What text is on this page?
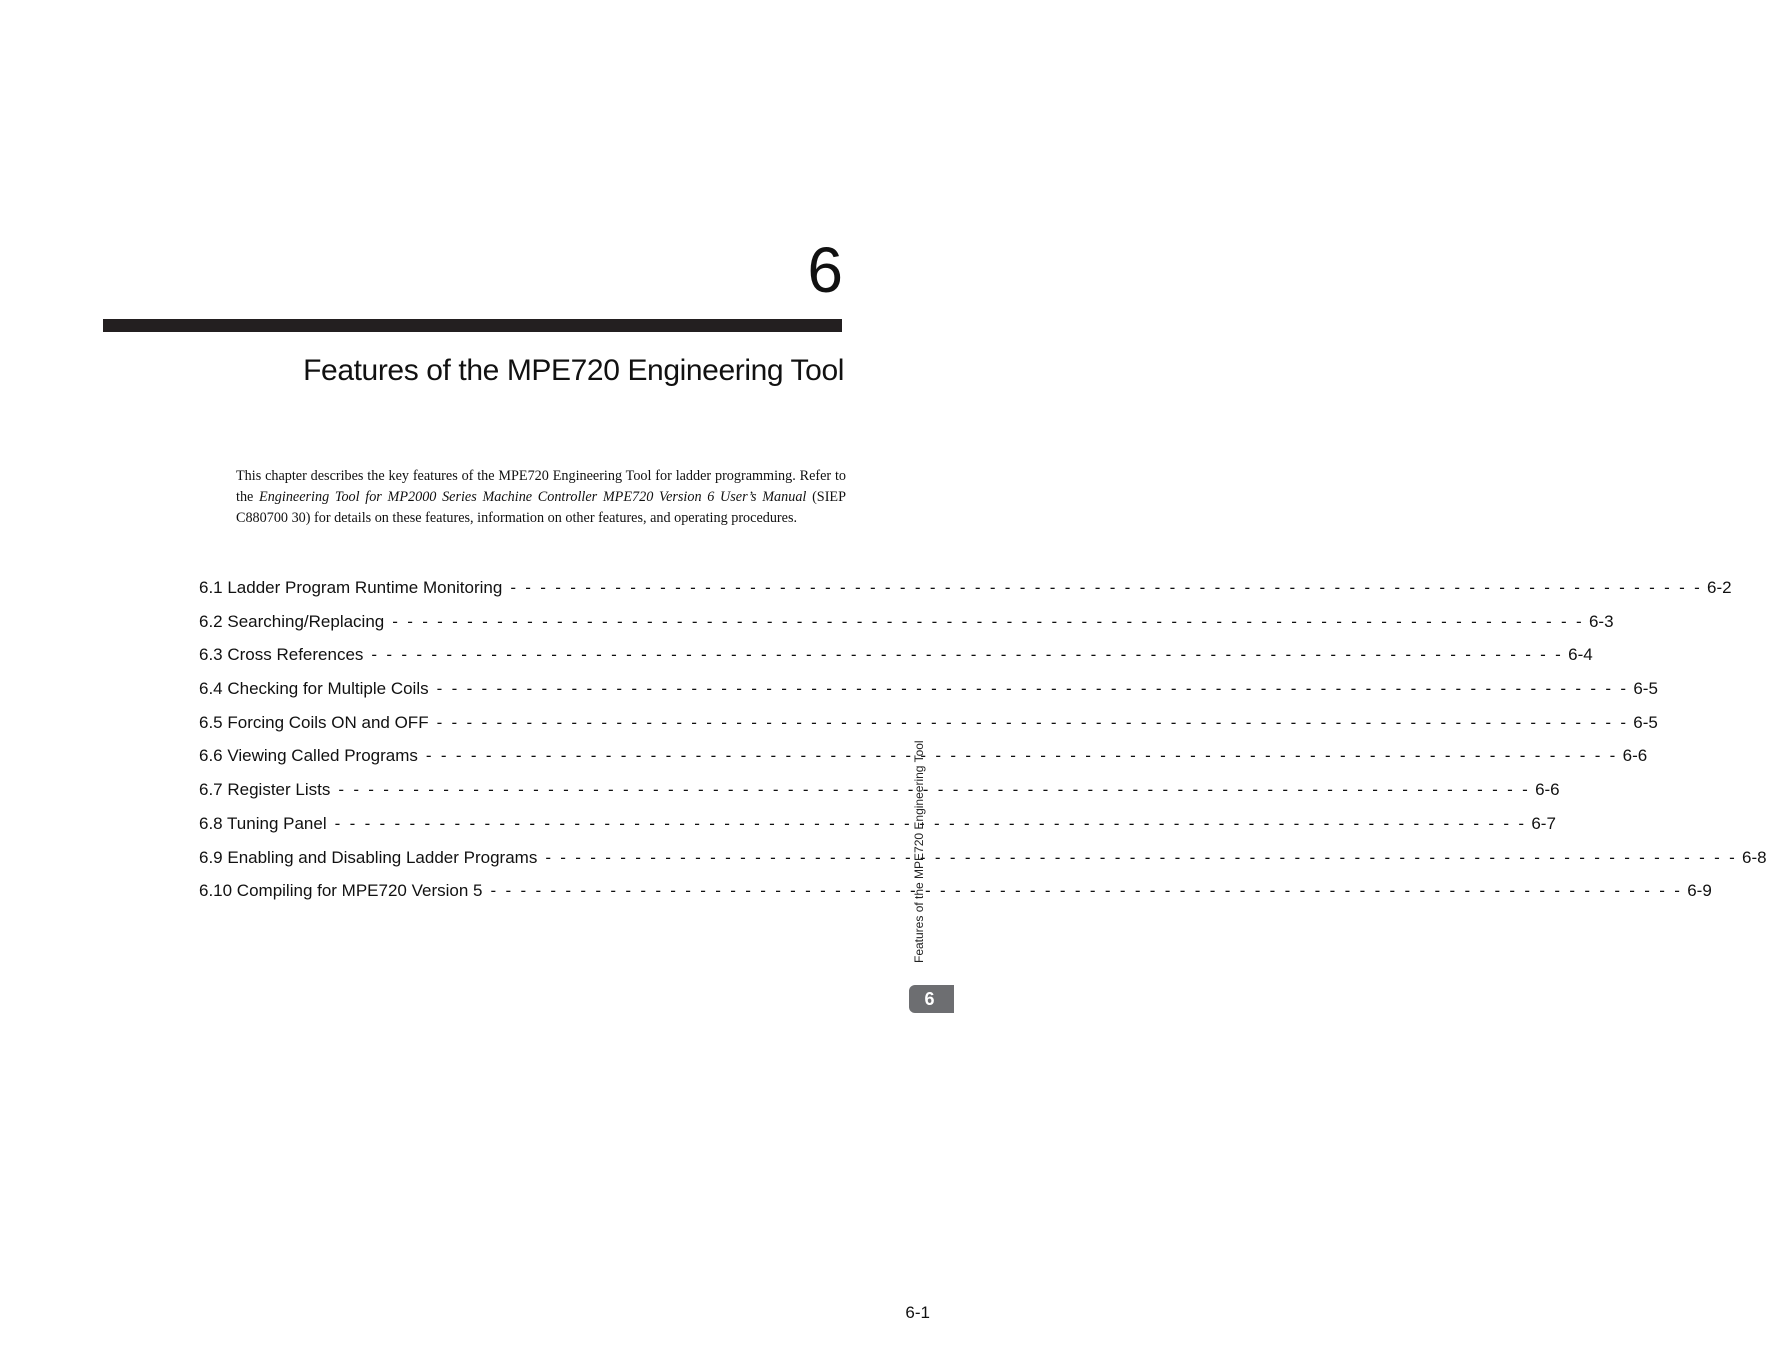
6
Features of the MPE720 Engineering Tool

This chapter describes the key features of the MPE720 Engineering Tool for ladder programming. Refer to the Engineering Tool for MP2000 Series Machine Controller MPE720 Version 6 User’s Manual (SIEP C880700 30) for details on these features, information on other features, and operating procedures.

6.1 Ladder Program Runtime Monitoring - - - - - - - - - - - - - - - - - - - - - - - - - - - - - - - - - - - - - - - - - - - - - - - - - - - - - - - - - - - - - - - - - - - - - - - - - - - - - - - - 6-2
6.2 Searching/Replacing - - - - - - - - - - - - - - - - - - - - - - - - - - - - - - - - - - - - - - - - - - - - - - - - - - - - - - - - - - - - - - - - - - - - - - - - - - - - - - - - 6-3
6.3 Cross References - - - - - - - - - - - - - - - - - - - - - - - - - - - - - - - - - - - - - - - - - - - - - - - - - - - - - - - - - - - - - - - - - - - - - - - - - - - - - - - - 6-4
6.4 Checking for Multiple Coils - - - - - - - - - - - - - - - - - - - - - - - - - - - - - - - - - - - - - - - - - - - - - - - - - - - - - - - - - - - - - - - - - - - - - - - - - - - - - - - - 6-5
6.5 Forcing Coils ON and OFF - - - - - - - - - - - - - - - - - - - - - - - - - - - - - - - - - - - - - - - - - - - - - - - - - - - - - - - - - - - - - - - - - - - - - - - - - - - - - - - - 6-5
6.6 Viewing Called Programs - - - - - - - - - - - - - - - - - - - - - - - - - - - - - - - - - - - - - - - - - - - - - - - - - - - - - - - - - - - - - - - - - - - - - - - - - - - - - - - - 6-6
6.7 Register Lists - - - - - - - - - - - - - - - - - - - - - - - - - - - - - - - - - - - - - - - - - - - - - - - - - - - - - - - - - - - - - - - - - - - - - - - - - - - - - - - - 6-6
6.8 Tuning Panel - - - - - - - - - - - - - - - - - - - - - - - - - - - - - - - - - - - - - - - - - - - - - - - - - - - - - - - - - - - - - - - - - - - - - - - - - - - - - - - - 6-7
6.9 Enabling and Disabling Ladder Programs - - - - - - - - - - - - - - - - - - - - - - - - - - - - - - - - - - - - - - - - - - - - - - - - - - - - - - - - - - - - - - - - - - - - - - - - - - - - - - - - 6-8
6.10 Compiling for MPE720 Version 5 - - - - - - - - - - - - - - - - - - - - - - - - - - - - - - - - - - - - - - - - - - - - - - - - - - - - - - - - - - - - - - - - - - - - - - - - - - - - - - - - 6-9
Features of the MPE720 Engineering Tool
6
6-1
